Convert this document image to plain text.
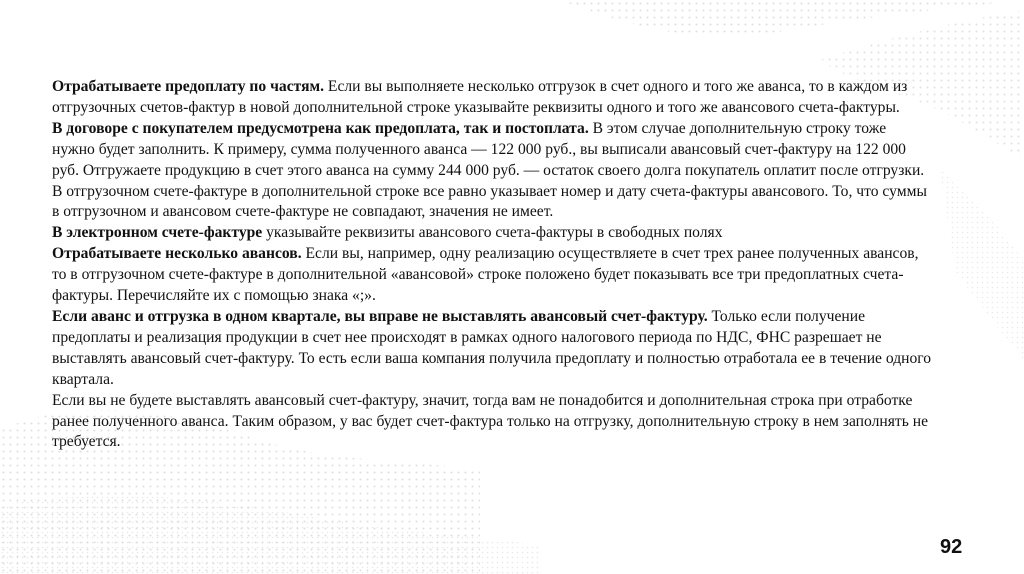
Отрабатываете предоплату по частям. Если вы выполняете несколько отгрузок в счет одного и того же аванса, то в каждом из отгрузочных счетов-фактур в новой дополнительной строке указывайте реквизиты одного и того же авансового счета-фактуры.

В договоре с покупателем предусмотрена как предоплата, так и постоплата. В этом случае дополнительную строку тоже нужно будет заполнить. К примеру, сумма полученного аванса — 122 000 руб., вы выписали авансовый счет-фактуру на 122 000 руб. Отгружаете продукцию в счет этого аванса на сумму 244 000 руб. — остаток своего долга покупатель оплатит после отгрузки. В отгрузочном счете-фактуре в дополнительной строке все равно указывает номер и дату счета-фактуры авансового. То, что суммы в отгрузочном и авансовом счете-фактуре не совпадают, значения не имеет.

В электронном счете-фактуре указывайте реквизиты авансового счета-фактуры в свободных полях

Отрабатываете несколько авансов. Если вы, например, одну реализацию осуществляете в счет трех ранее полученных авансов, то в отгрузочном счете-фактуре в дополнительной «авансовой» строке положено будет показывать все три предоплатных счета-фактуры. Перечисляйте их с помощью знака «;».

Если аванс и отгрузка в одном квартале, вы вправе не выставлять авансовый счет-фактуру. Только если получение предоплаты и реализация продукции в счет нее происходят в рамках одного налогового периода по НДС, ФНС разрешает не выставлять авансовый счет-фактуру. То есть если ваша компания получила предоплату и полностью отработала ее в течение одного квартала.

Если вы не будете выставлять авансовый счет-фактуру, значит, тогда вам не понадобится и дополнительная строка при отработке ранее полученного аванса. Таким образом, у вас будет счет-фактура только на отгрузку, дополнительную строку в нем заполнять не требуется.

92
